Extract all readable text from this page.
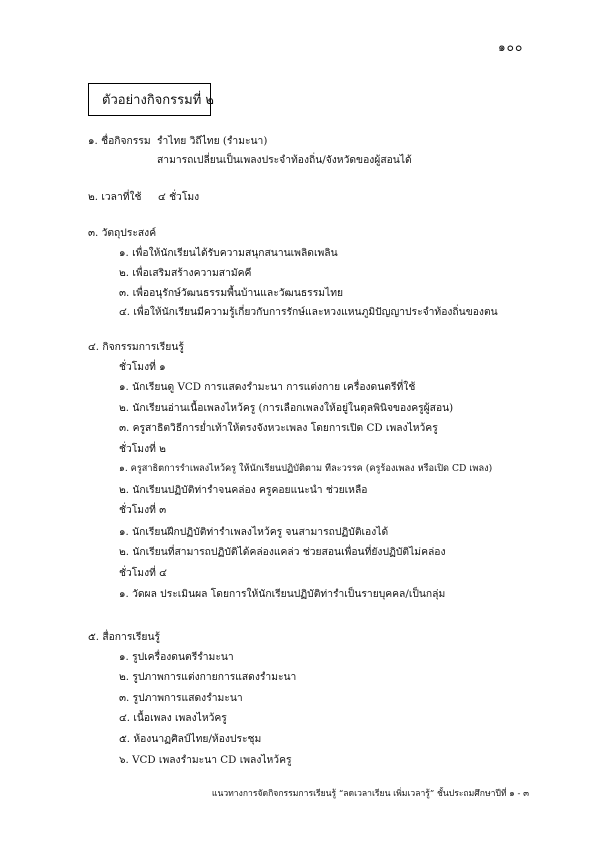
๑๐๐
ตัวอย่างกิจกรรมที่ ๒
๑. ชื่อกิจกรรม รำไทย วิถีไทย (รำมะนา)
สามารถเปลี่ยนเป็นเพลงประจำท้องถิ่น/จังหวัดของผู้สอนได้
๒. เวลาที่ใช้ ๔ ชั่วโมง
๓. วัตถุประสงค์
๑. เพื่อให้นักเรียนได้รับความสนุกสนานเพลิดเพลิน
๒. เพื่อเสริมสร้างความสามัคคี
๓. เพื่ออนุรักษ์วัฒนธรรมพื้นบ้านและวัฒนธรรมไทย
๔. เพื่อให้นักเรียนมีความรู้เกี่ยวกับการรักษ์และหวงแหนภูมิปัญญาประจำท้องถิ่นของตน
๔. กิจกรรมการเรียนรู้
ชั่วโมงที่ ๑
๑. นักเรียนดู VCD การแสดงรำมะนา การแต่งกาย เครื่องดนตรีที่ใช้
๒. นักเรียนอ่านเนื้อเพลงไหว้ครู (การเลือกเพลงให้อยู่ในดุลพินิจของครูผู้สอน)
๓. ครูสาธิตวิธีการย่ำเท้าให้ตรงจังหวะเพลง โดยการเปิด CD เพลงไหว้ครู
ชั่วโมงที่ ๒
๑. ครูสาธิตการรำเพลงไหว้ครู ให้นักเรียนปฏิบัติตาม ทีละวรรค (ครูร้องเพลง หรือเปิด CD เพลง)
๒. นักเรียนปฏิบัติท่ารำจนคล่อง ครูคอยแนะนำ ช่วยเหลือ
ชั่วโมงที่ ๓
๑. นักเรียนฝึกปฏิบัติท่ารำเพลงไหว้ครู จนสามารถปฏิบัติเองได้
๒. นักเรียนที่สามารถปฏิบัติได้คล่องแคล่ว ช่วยสอนเพื่อนที่ยังปฏิบัติไม่คล่อง
ชั่วโมงที่ ๔
๑. วัดผล ประเมินผล โดยการให้นักเรียนปฏิบัติท่ารำเป็นรายบุคคล/เป็นกลุ่ม
๕. สื่อการเรียนรู้
๑. รูปเครื่องดนตรีรำมะนา
๒. รูปภาพการแต่งกายการแสดงรำมะนา
๓. รูปภาพการแสดงรำมะนา
๔. เนื้อเพลง เพลงไหว้ครู
๕. ห้องนาฏศิลป์ไทย/ห้องประชุม
๖. VCD เพลงรำมะนา CD เพลงไหว้ครู
แนวทางการจัดกิจกรรมการเรียนรู้ “ลดเวลาเรียน เพิ่มเวลารู้” ชั้นประถมศึกษาปีที่ ๑ - ๓
